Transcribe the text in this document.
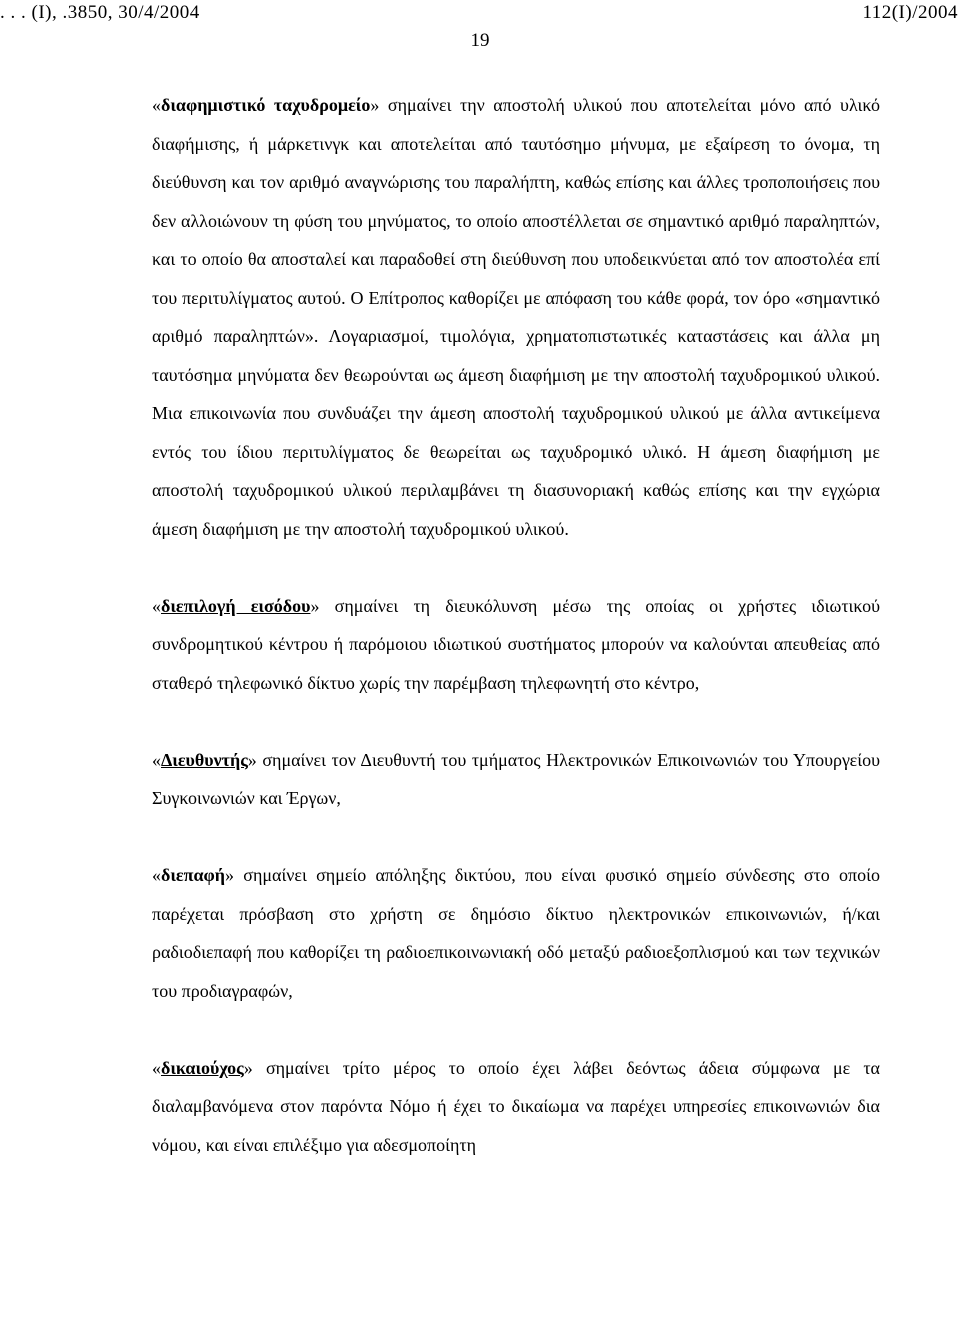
. . . (Ι), .3850, 30/4/2004	112(Ι)/2004
19

«διαφημιστικό ταχυδρομείο» σημαίνει την αποστολή υλικού που αποτελείται μόνο από υλικό διαφήμισης, ή μάρκετινγκ και αποτελείται από ταυτόσημο μήνυμα, με εξαίρεση το όνομα, τη διεύθυνση και τον αριθμό αναγνώρισης του παραλήπτη, καθώς επίσης και άλλες τροποποιήσεις που δεν αλλοιώνουν τη φύση του μηνύματος, το οποίο αποστέλλεται σε σημαντικό αριθμό παραληπτών, και το οποίο θα αποσταλεί και παραδοθεί στη διεύθυνση που υποδεικνύεται από τον αποστολέα επί του περιτυλίγματος αυτού. Ο Επίτροπος καθορίζει με απόφαση του κάθε φορά, τον όρο «σημαντικό αριθμό παραληπτών». Λογαριασμοί, τιμολόγια, χρηματοπιστωτικές καταστάσεις και άλλα μη ταυτόσημα μηνύματα δεν θεωρούνται ως άμεση διαφήμιση με την αποστολή ταχυδρομικού υλικού. Μια επικοινωνία που συνδυάζει την άμεση αποστολή ταχυδρομικού υλικού με άλλα αντικείμενα εντός του ίδιου περιτυλίγματος δε θεωρείται ως ταχυδρομικό υλικό. Η άμεση διαφήμιση με αποστολή ταχυδρομικού υλικού περιλαμβάνει τη διασυνοριακή καθώς επίσης και την εγχώρια άμεση διαφήμιση με την αποστολή ταχυδρομικού υλικού.

«διεπιλογή εισόδου» σημαίνει τη διευκόλυνση μέσω της οποίας οι χρήστες ιδιωτικού συνδρομητικού κέντρου ή παρόμοιου ιδιωτικού συστήματος μπορούν να καλούνται απευθείας από σταθερό τηλεφωνικό δίκτυο χωρίς την παρέμβαση τηλεφωνητή στο κέντρο,

«Διευθυντής» σημαίνει τον Διευθυντή του τμήματος Ηλεκτρονικών Επικοινωνιών του Υπουργείου Συγκοινωνιών και Έργων,

«διεπαφή» σημαίνει σημείο απόληξης δικτύου, που είναι φυσικό σημείο σύνδεσης στο οποίο παρέχεται πρόσβαση στο χρήστη σε δημόσιο δίκτυο ηλεκτρονικών επικοινωνιών, ή/και ραδιοδιεπαφή που καθορίζει τη ραδιοεπικοινωνιακή οδό μεταξύ ραδιοεξοπλισμού και των τεχνικών του προδιαγραφών,

«δικαιούχος» σημαίνει τρίτο μέρος το οποίο έχει λάβει δεόντως άδεια σύμφωνα με τα διαλαμβανόμενα στον παρόντα Νόμο ή έχει το δικαίωμα να παρέχει υπηρεσίες επικοινωνιών δια νόμου, και είναι επιλέξιμο για αδεσμοποίητη
